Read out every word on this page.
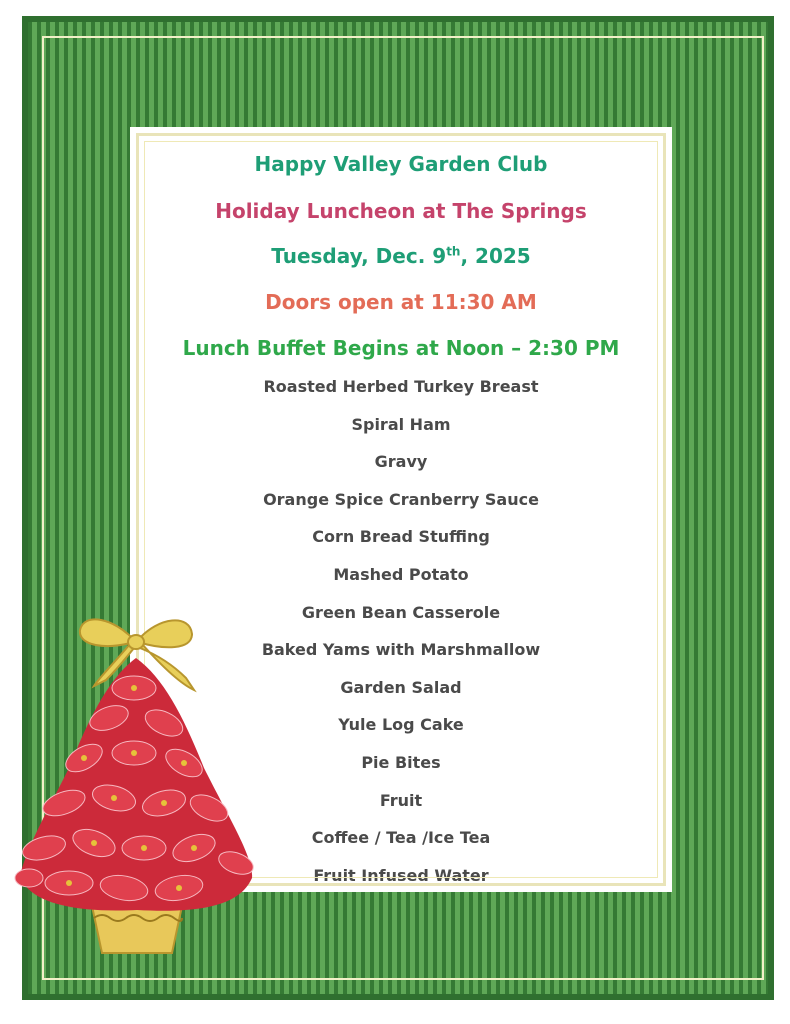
Happy Valley Garden Club
Holiday Luncheon at The Springs
Tuesday, Dec. 9th, 2025
Doors open at 11:30 AM
Lunch Buffet Begins at Noon – 2:30 PM
Roasted Herbed Turkey Breast
Spiral Ham
Gravy
Orange Spice Cranberry Sauce
Corn Bread Stuffing
Mashed Potato
Green Bean Casserole
Baked Yams with Marshmallow
Garden Salad
Yule Log Cake
Pie Bites
Fruit
Coffee / Tea /Ice Tea
Fruit Infused Water
